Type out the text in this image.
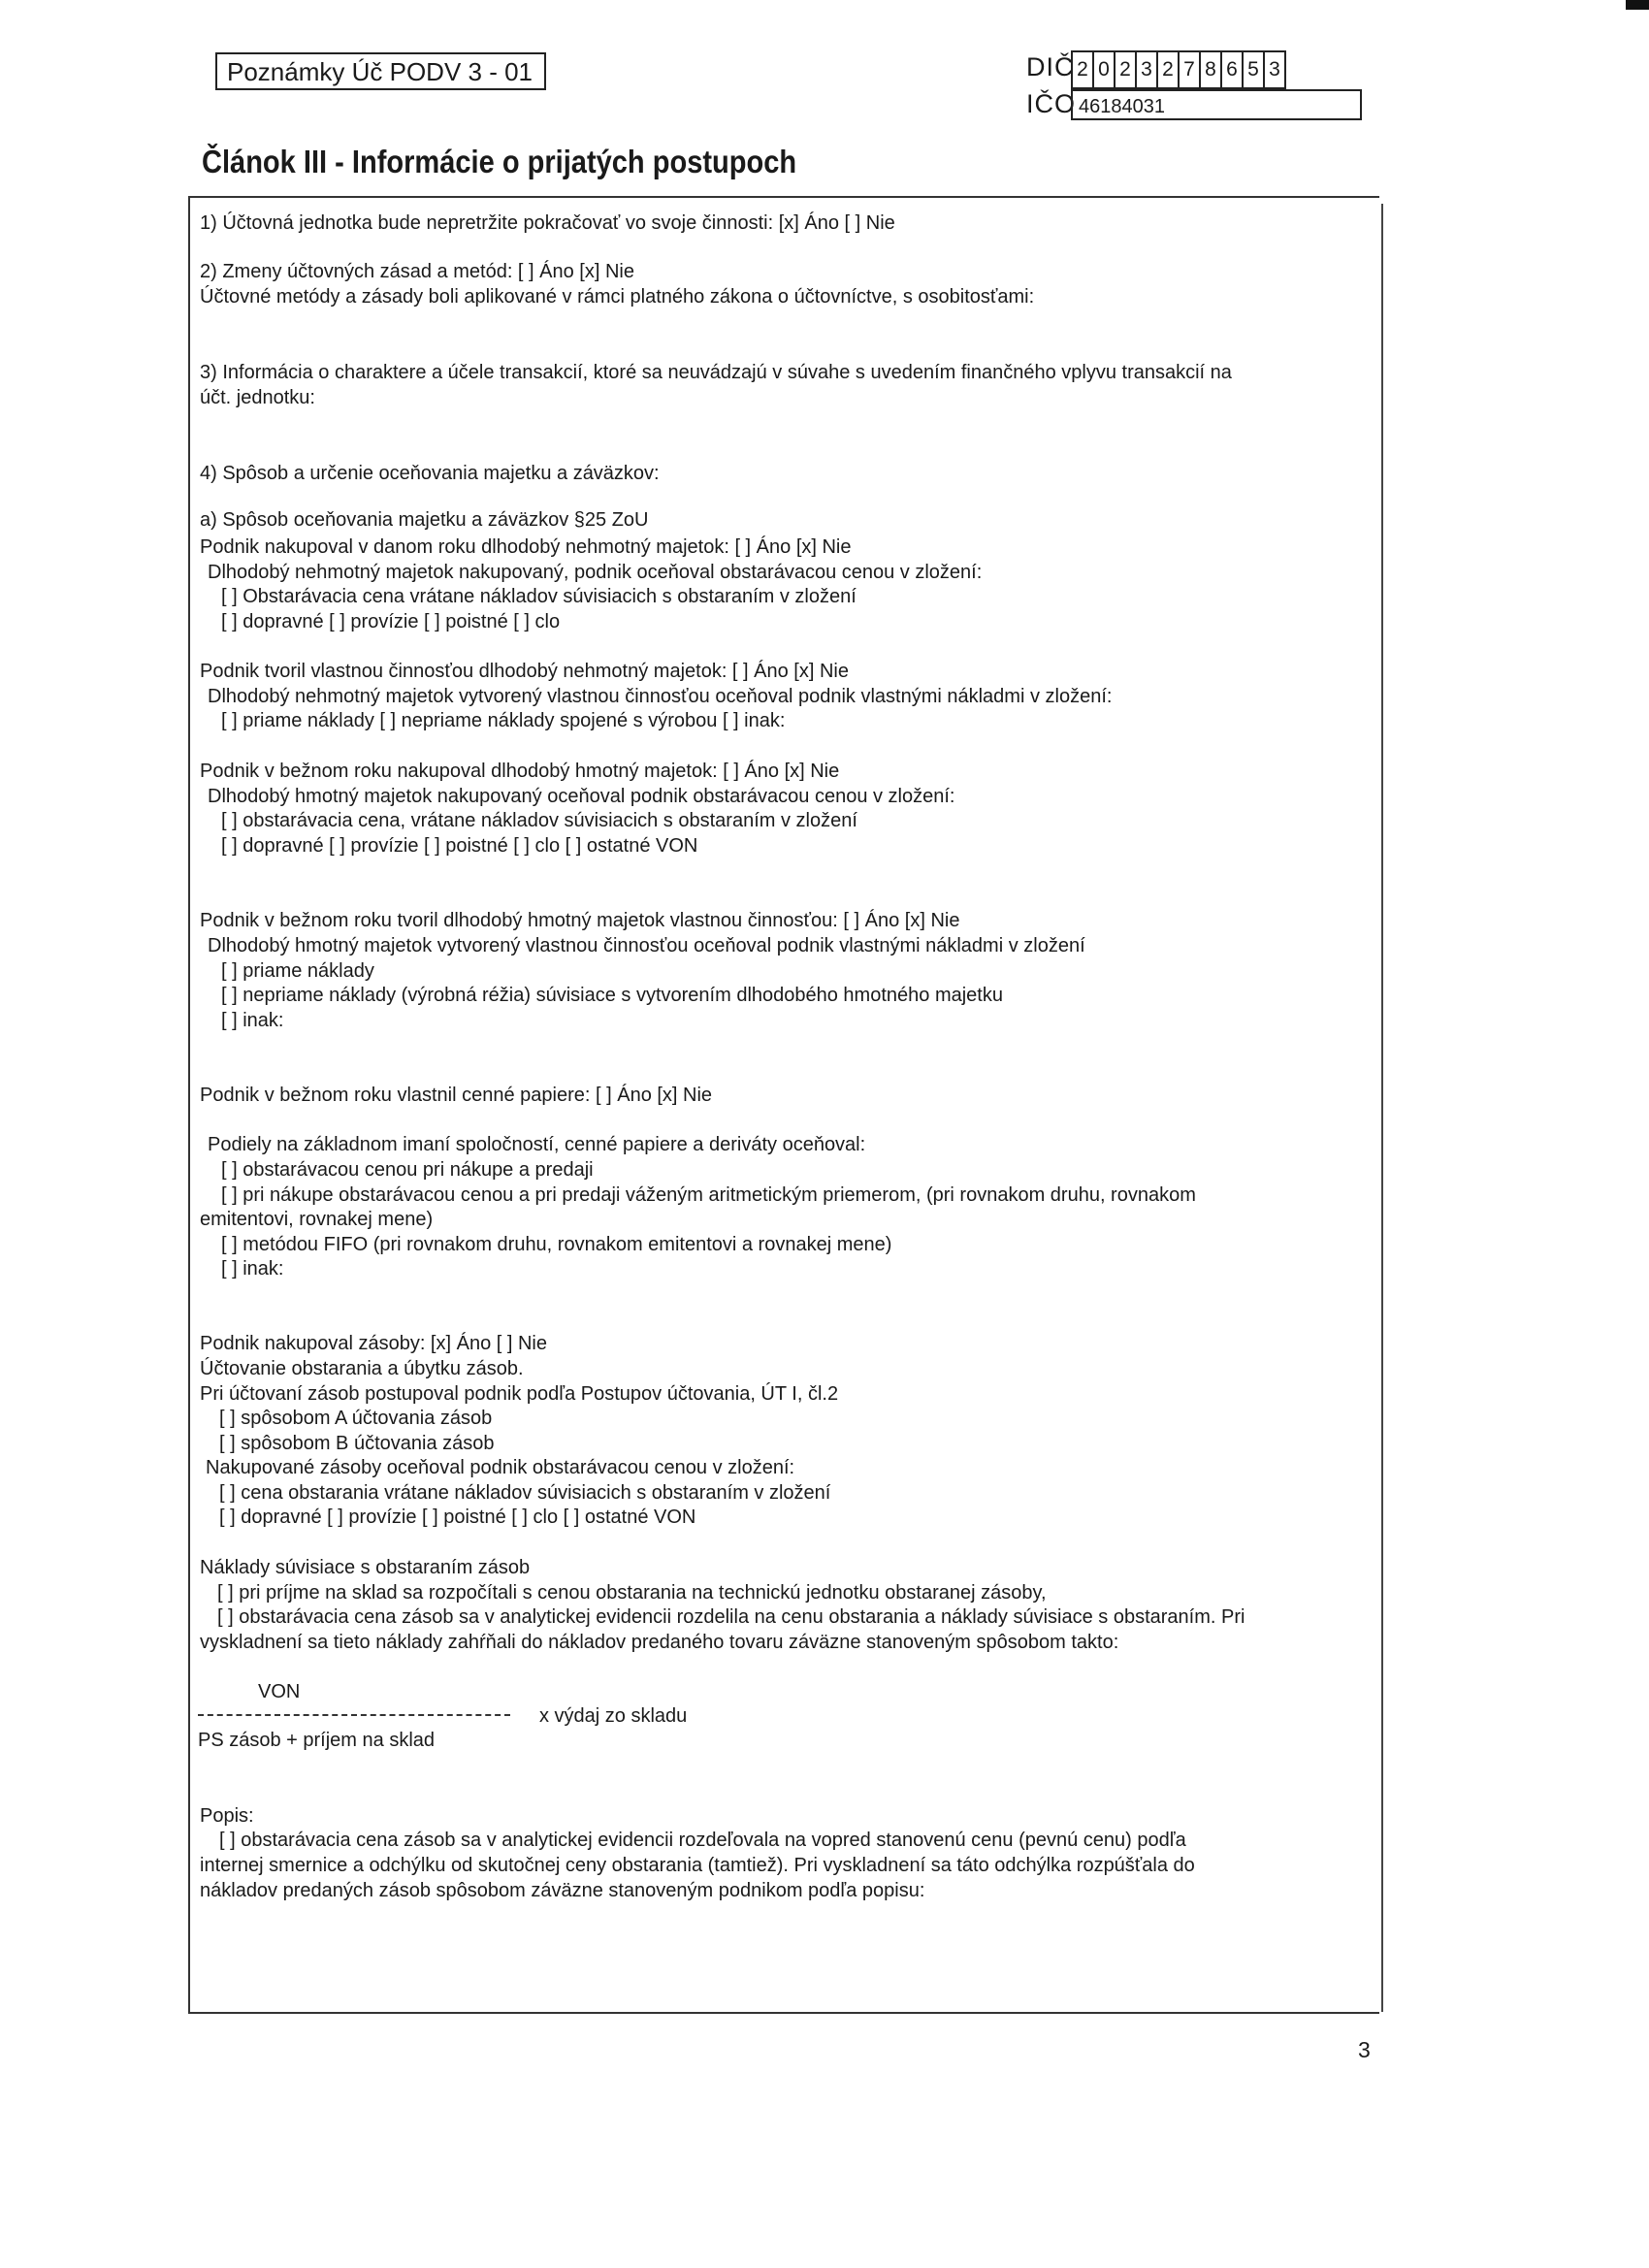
Poznámky Úč PODV 3 - 01	DIČ 2 0 2 3 2 7 8 6 5 3
IČO 46184031
Článok III - Informácie o prijatých postupoch
1) Účtovná jednotka bude nepretržite pokračovať vo svoje činnosti: [x] Áno [ ] Nie
2) Zmeny účtovných zásad a metód: [ ] Áno [x] Nie
Účtovné metódy a zásady boli aplikované v rámci platného zákona o účtovníctve, s osobitosťami:
3) Informácia o charaktere a účele transakcií, ktoré sa neuvádzajú v súvahe s uvedením finančného vplyvu transakcií na
účt. jednotku:
4) Spôsob a určenie oceňovania majetku a záväzkov:
a) Spôsob oceňovania majetku a záväzkov §25 ZoU
Podnik nakupoval v danom roku dlhodobý nehmotný majetok: [ ] Áno [x] Nie
Dlhodobý nehmotný majetok nakupovaný, podnik oceňoval obstarávacou cenou v zložení:
[ ] Obstarávacia cena vrátane nákladov súvisiacich s obstaraním v zložení
[ ] dopravné [ ] provízie [ ] poistné [ ] clo
Podnik tvoril vlastnou činnosťou dlhodobý nehmotný majetok: [ ] Áno [x] Nie
Dlhodobý nehmotný majetok vytvorený vlastnou činnosťou oceňoval podnik vlastnými nákladmi v zložení:
[ ] priame náklady [ ] nepriame náklady spojené s výrobou [ ] inak:
Podnik v bežnom roku nakupoval dlhodobý hmotný majetok: [ ] Áno [x] Nie
Dlhodobý hmotný majetok nakupovaný oceňoval podnik obstarávacou cenou v zložení:
[ ] obstarávacia cena, vrátane nákladov súvisiacich s obstaraním v zložení
[ ] dopravné [ ] provízie [ ] poistné [ ] clo [ ] ostatné VON
Podnik v bežnom roku tvoril dlhodobý hmotný majetok vlastnou činnosťou: [ ] Áno [x] Nie
Dlhodobý hmotný majetok vytvorený vlastnou činnosťou oceňoval podnik vlastnými nákladmi v zložení
[ ] priame náklady
[ ] nepriame náklady (výrobná réžia) súvisiace s vytvorením dlhodobého hmotného majetku
[ ] inak:
Podnik v bežnom roku vlastnil cenné papiere: [ ] Áno [x] Nie
Podiely na základnom imaní spoločností, cenné papiere a deriváty oceňoval:
[ ] obstarávacou cenou pri nákupe a predaji
[ ] pri nákupe obstarávacou cenou a pri predaji váženým aritmetickým priemerom, (pri rovnakom druhu, rovnakom
emitentovi, rovnakej mene)
[ ] metódou FIFO (pri rovnakom druhu, rovnakom emitentovi a rovnakej mene)
[ ] inak:
Podnik nakupoval zásoby: [x] Áno [ ] Nie
Účtovanie obstarania a úbytku zásob.
Pri účtovaní zásob postupoval podnik podľa Postupov účtovania, ÚT I, čl.2
[ ] spôsobom A účtovania zásob
[ ] spôsobom B účtovania zásob
Nakupované zásoby oceňoval podnik obstarávacou cenou v zložení:
[ ] cena obstarania vrátane nákladov súvisiacich s obstaraním v zložení
[ ] dopravné [ ] provízie [ ] poistné [ ] clo [ ] ostatné VON
Náklady súvisiace s obstaraním zásob
[ ] pri príjme na sklad sa rozpočítali s cenou obstarania na technickú jednotku obstaranej zásoby,
[ ] obstarávacia cena zásob sa v analytickej evidencii rozdelila na cenu obstarania a náklady súvisiace s obstaraním. Pri
vyskladnení sa tieto náklady zahŕňali do nákladov predaného tovaru záväzne stanoveným spôsobom takto:
VON
x výdaj zo skladu
PS zásob + príjem na sklad
Popis:
[ ] obstarávacia cena zásob sa v analytickej evidencii rozdeľovala na vopred stanovenú cenu (pevnú cenu) podľa
internej smernice a odchýlku od skutočnej ceny obstarania (tamtiež). Pri vyskladnení sa táto odchýlka rozpúšťala do
nákladov predaných zásob spôsobom záväzne stanoveným podnikom podľa popisu:
3
